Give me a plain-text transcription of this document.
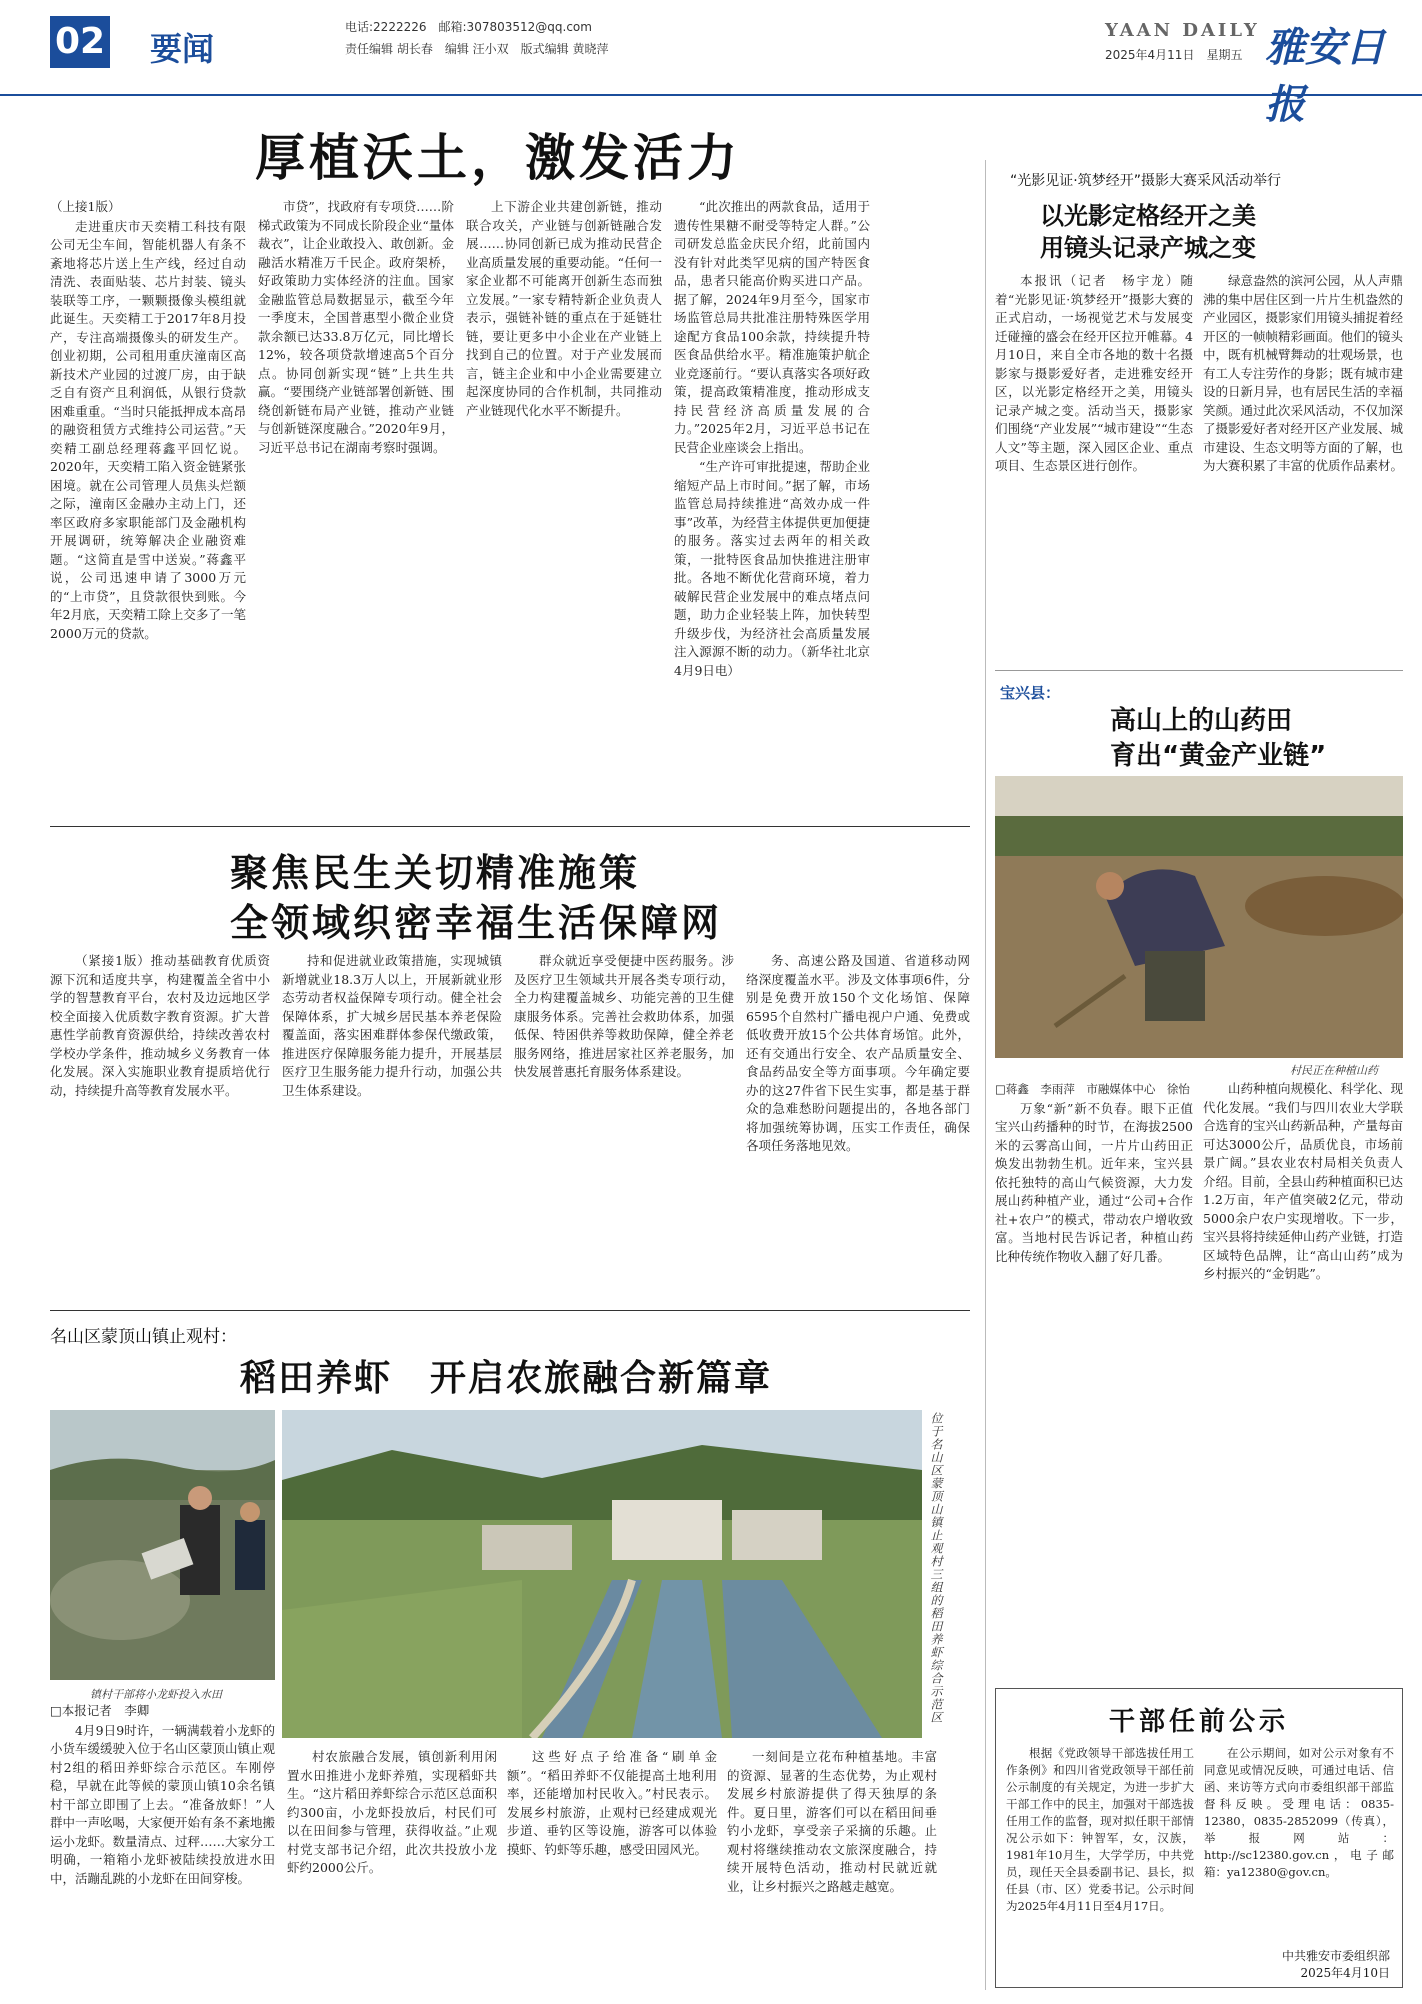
02 要闻
电话:2222226　 邮箱:307803512@qq.com
责任编辑 胡长春　编辑 汪小双　版式编辑 黄晓萍
YAAN DAILY
2025年4月11日　星期五 雅安日报
厚植沃土，激发活力

（上接1版）

走进重庆市天奕精工科技有限公司无尘车间，智能机器人有条不紊地将芯片送上生产线，经过自动清洗、表面贴装、芯片封装、镜头装联等工序，一颗颗摄像头模组就此诞生。天奕精工于2017年8月投产，专注高端摄像头的研发生产。创业初期，公司租用重庆潼南区高新技术产业园的过渡厂房，由于缺乏自有资产且利润低，从银行贷款困难重重。“当时只能抵押成本高昂的融资租赁方式维持公司运营。”天奕精工副总经理蒋鑫平回忆说。2020年，天奕精工陷入资金链紧张困境。就在公司管理人员焦头烂额之际，潼南区金融办主动上门，还率区政府多家职能部门及金融机构开展调研，统筹解决企业融资难题。“这简直是雪中送炭。”蒋鑫平说，公司迅速申请了3000万元的“上市贷”，且贷款很快到账。今年2月底，天奕精工除上交多了一笔2000万元的贷款。

市贷”，找政府有专项贷……阶梯式政策为不同成长阶段企业“量体裁衣”，让企业敢投入、敢创新。金融活水精准万千民企。政府架桥，好政策助力实体经济的注血。国家金融监管总局数据显示，截至今年一季度末，全国普惠型小微企业贷款余额已达33.8万亿元，同比增长12%，较各项贷款增速高5个百分点。协同创新实现“链”上共生共赢。“要围绕产业链部署创新链、围绕创新链布局产业链，推动产业链与创新链深度融合。”2020年9月，习近平总书记在湖南考察时强调。

上下游企业共建创新链，推动联合攻关，产业链与创新链融合发展……协同创新已成为推动民营企业高质量发展的重要动能。“任何一家企业都不可能离开创新生态而独立发展。”一家专精特新企业负责人表示，强链补链的重点在于延链壮链，要让更多中小企业在产业链上找到自己的位置。对于产业发展而言，链主企业和中小企业需要建立起深度协同的合作机制，共同推动产业链现代化水平不断提升。

“此次推出的两款食品，适用于遗传性果糖不耐受等特定人群。”公司研发总监金庆民介绍，此前国内没有针对此类罕见病的国产特医食品，患者只能高价购买进口产品。据了解，2024年9月至今，国家市场监管总局共批准注册特殊医学用途配方食品100余款，持续提升特医食品供给水平。精准施策护航企业竞逐前行。“要认真落实各项好政策，提高政策精准度，推动形成支持民营经济高质量发展的合力。”2025年2月，习近平总书记在民营企业座谈会上指出。

“生产许可审批提速，帮助企业缩短产品上市时间。”据了解，市场监管总局持续推进“高效办成一件事”改革，为经营主体提供更加便捷的服务。落实过去两年的相关政策，一批特医食品加快推进注册审批。各地不断优化营商环境，着力破解民营企业发展中的难点堵点问题，助力企业轻装上阵，加快转型升级步伐，为经济社会高质量发展注入源源不断的动力。（新华社北京4月9日电）

聚焦民生关切精准施策
全领域织密幸福生活保障网

（紧接1版）推动基础教育优质资源下沉和适度共享，构建覆盖全省中小学的智慧教育平台，农村及边远地区学校全面接入优质数字教育资源。扩大普惠性学前教育资源供给，持续改善农村学校办学条件，推动城乡义务教育一体化发展。深入实施职业教育提质培优行动，持续提升高等教育发展水平。

持和促进就业政策措施，实现城镇新增就业18.3万人以上，开展新就业形态劳动者权益保障专项行动。健全社会保障体系，扩大城乡居民基本养老保险覆盖面，落实困难群体参保代缴政策，推进医疗保障服务能力提升，开展基层医疗卫生服务能力提升行动，加强公共卫生体系建设。

群众就近享受便捷中医药服务。涉及医疗卫生领域共开展各类专项行动，全力构建覆盖城乡、功能完善的卫生健康服务体系。完善社会救助体系，加强低保、特困供养等救助保障，健全养老服务网络，推进居家社区养老服务，加快发展普惠托育服务体系建设。

务、高速公路及国道、省道移动网络深度覆盖水平。涉及文体事项6件，分别是免费开放150个文化场馆、保障6595个自然村广播电视户户通、免费或低收费开放15个公共体育场馆。此外，还有交通出行安全、农产品质量安全、食品药品安全等方面事项。今年确定要办的这27件省下民生实事，都是基于群众的急难愁盼问题提出的，各地各部门将加强统筹协调，压实工作责任，确保各项任务落地见效。

名山区蒙顶山镇止观村：
稻田养虾　开启农旅融合新篇章
镇村干部将小龙虾投入水田	位于名山区蒙顶山镇止观村三组的稻田养虾综合示范区

□本报记者　李卿

4月9日9时许，一辆满载着小龙虾的小货车缓缓驶入位于名山区蒙顶山镇止观村2组的稻田养虾综合示范区。车刚停稳，早就在此等候的蒙顶山镇10余名镇村干部立即围了上去。“准备放虾！”人群中一声吆喝，大家便开始有条不紊地搬运小龙虾。数量清点、过秤……大家分工明确，一箱箱小龙虾被陆续投放进水田中，活蹦乱跳的小龙虾在田间穿梭。

村农旅融合发展，镇创新利用闲置水田推进小龙虾养殖，实现稻虾共生。“这片稻田养虾综合示范区总面积约300亩，小龙虾投放后，村民们可以在田间参与管理，获得收益。”止观村党支部书记介绍，此次共投放小龙虾约2000公斤。

这些好点子给准备“刷单金额”。“稻田养虾不仅能提高土地利用率，还能增加村民收入。”村民表示。发展乡村旅游，止观村已经建成观光步道、垂钓区等设施，游客可以体验摸虾、钓虾等乐趣，感受田园风光。

一刻间是立花布种植基地。丰富的资源、显著的生态优势，为止观村发展乡村旅游提供了得天独厚的条件。夏日里，游客们可以在稻田间垂钓小龙虾，享受亲子采摘的乐趣。止观村将继续推动农文旅深度融合，持续开展特色活动，推动村民就近就业，让乡村振兴之路越走越宽。

“光影见证·筑梦经开”摄影大赛采风活动举行
以光影定格经开之美
用镜头记录产城之变

本报讯（记者　杨宇龙）随着“光影见证·筑梦经开”摄影大赛的正式启动，一场视觉艺术与发展变迁碰撞的盛会在经开区拉开帷幕。4月10日，来自全市各地的数十名摄影家与摄影爱好者，走进雅安经开区，以光影定格经开之美，用镜头记录产城之变。活动当天，摄影家们围绕“产业发展”“城市建设”“生态人文”等主题，深入园区企业、重点项目、生态景区进行创作。

绿意盎然的滨河公园，从人声鼎沸的集中居住区到一片片生机盎然的产业园区，摄影家们用镜头捕捉着经开区的一帧帧精彩画面。他们的镜头中，既有机械臂舞动的壮观场景，也有工人专注劳作的身影；既有城市建设的日新月异，也有居民生活的幸福笑颜。通过此次采风活动，不仅加深了摄影爱好者对经开区产业发展、城市建设、生态文明等方面的了解，也为大赛积累了丰富的优质作品素材。

宝兴县：
高山上的山药田
育出“黄金产业链”
村民正在种植山药

□蒋鑫　李雨萍　市融媒体中心　徐怡

万象“新”新不负春。眼下正值宝兴山药播种的时节，在海拔2500米的云雾高山间，一片片山药田正焕发出勃勃生机。近年来，宝兴县依托独特的高山气候资源，大力发展山药种植产业，通过“公司+合作社+农户”的模式，带动农户增收致富。当地村民告诉记者，种植山药比种传统作物收入翻了好几番。

山药种植向规模化、科学化、现代化发展。“我们与四川农业大学联合选育的宝兴山药新品种，产量每亩可达3000公斤，品质优良，市场前景广阔。”县农业农村局相关负责人介绍。目前，全县山药种植面积已达1.2万亩，年产值突破2亿元，带动5000余户农户实现增收。下一步，宝兴县将持续延伸山药产业链，打造区域特色品牌，让“高山山药”成为乡村振兴的“金钥匙”。

干部任前公示

根据《党政领导干部选拔任用工作条例》和四川省党政领导干部任前公示制度的有关规定，为进一步扩大干部工作中的民主，加强对干部选拔任用工作的监督，现对拟任职干部情况公示如下：钟智军，女，汉族，1981年10月生，大学学历，中共党员，现任天全县委副书记、县长，拟任县（市、区）党委书记。公示时间为2025年4月11日至4月17日。

在公示期间，如对公示对象有不同意见或情况反映，可通过电话、信函、来访等方式向市委组织部干部监督科反映。受理电话：0835-12380，0835-2852099（传真），举报网站：http://sc12380.gov.cn，电子邮箱：ya12380@gov.cn。

中共雅安市委组织部
2025年4月10日
